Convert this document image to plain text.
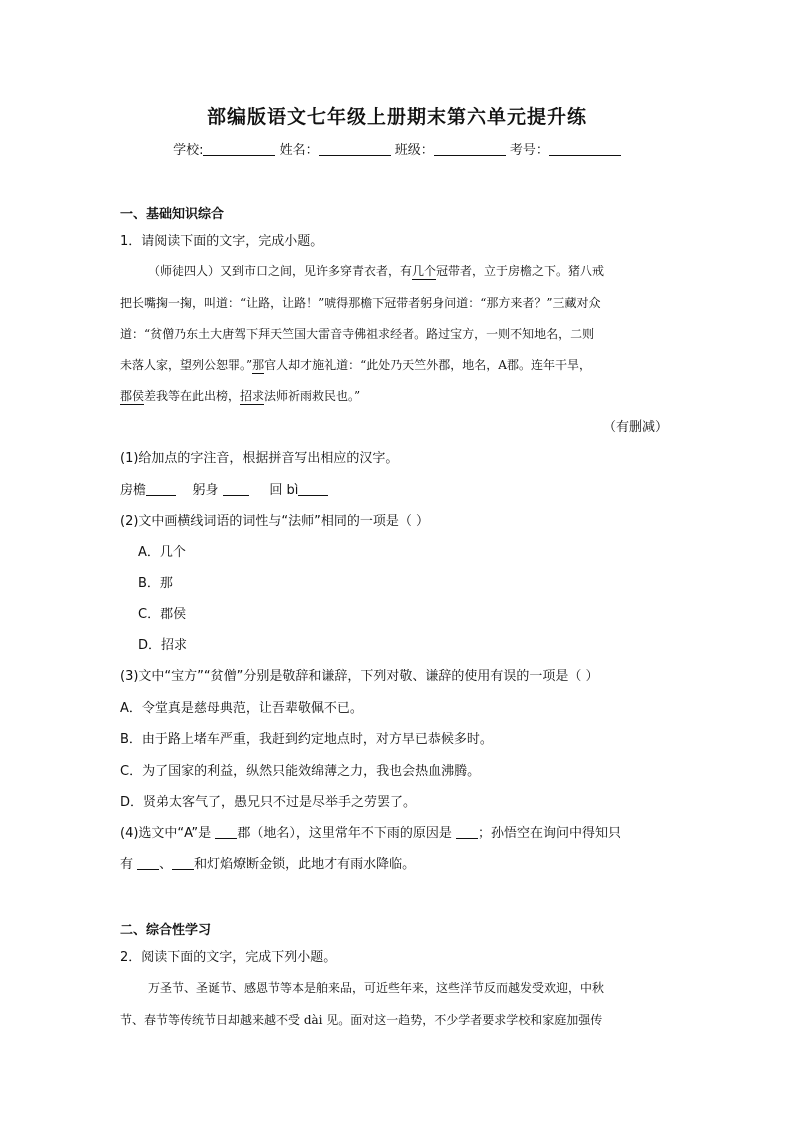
部编版语文七年级上册期末第六单元提升练
学校:	姓名：	班级：	考号：
一、基础知识综合
1．请阅读下面的文字，完成小题。
（师徒四人）又到市口之间，见许多穿青衣者，有几个冠带者，立于房檐之下。猪八戒
把长嘴掬一掬，叫道：“让路，让路！”唬得那檐下冠带者躬身问道：“那方来者？”三藏对众
道：“贫僧乃东土大唐驾下拜天竺国大雷音寺佛祖求经者。路过宝方，一则不知地名，二则
未落人家，望列公恕罪。”那官人却才施礼道：“此处乃天竺外郡，地名，A郡。连年干旱，
郡侯差我等在此出榜，招求法师祈雨救民也。”
（有删减）
(1)给加点的字注音，根据拼音写出相应的汉字。
房檐	躬身	回 bì
(2)文中画横线词语的词性与“法师”相同的一项是（ ）
A．几个
B．那
C．郡侯
D．招求
(3)文中“宝方”“贫僧”分别是敬辞和谦辞，下列对敬、谦辞的使用有误的一项是（ ）
A．令堂真是慈母典范，让吾辈敬佩不已。
B．由于路上堵车严重，我赶到约定地点时，对方早已恭候多时。
C．为了国家的利益，纵然只能效绵薄之力，我也会热血沸腾。
D．贤弟太客气了，愚兄只不过是尽举手之劳罢了。
(4)选文中“A”是 郡（地名），这里常年不下雨的原因是 ；孙悟空在询问中得知只
有 、 和灯焰燎断金锁，此地才有雨水降临。
二、综合性学习
2．阅读下面的文字，完成下列小题。
万圣节、圣诞节、感恩节等本是舶来品，可近些年来，这些洋节反而越发受欢迎，中秋
节、春节等传统节日却越来越不受 dài 见。面对这一趋势，不少学者要求学校和家庭加强传
